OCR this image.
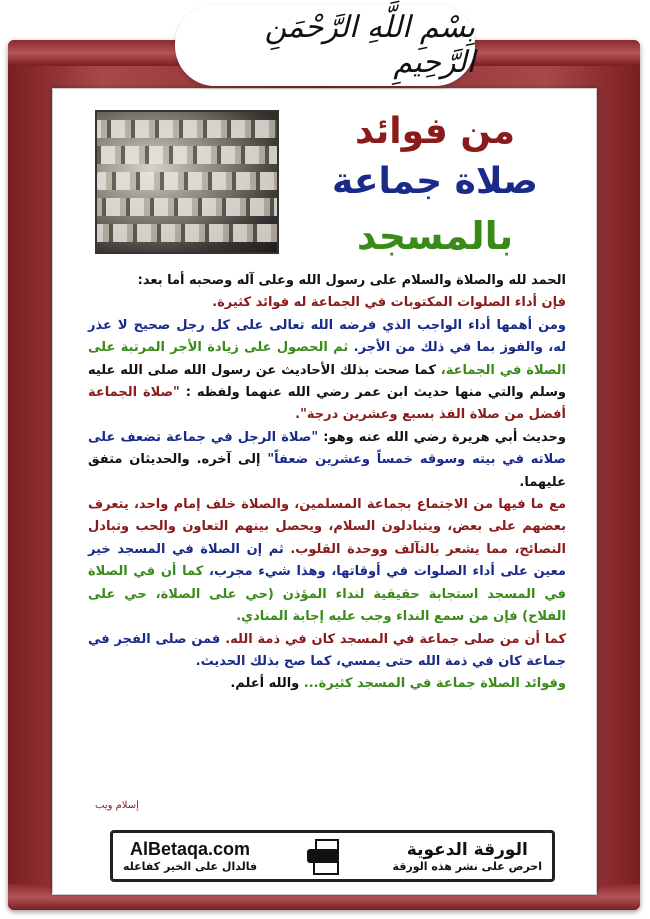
بِسْمِ اللَّهِ الرَّحْمَنِ الرَّحِيمِ
من فوائد
صلاة جماعة
بالمسجد

الحمد لله والصلاة والسلام على رسول الله وعلى آله وصحبه أما بعد:

فإن أداء الصلوات المكتوبات في الجماعة له فوائد كثيرة.

ومن أهمها أداء الواجب الذي فرضه الله تعالى على كل رجل صحيح لا عذر له، والفوز بما في ذلك من الأجر. ثم الحصول على زيادة الأجر المرتبة على الصلاة في الجماعة، كما صحت بذلك الأحاديث عن رسول الله صلى الله عليه وسلم والتي منها حديث ابن عمر رضي الله عنهما ولفظه : "صلاة الجماعة أفضل من صلاة الفذ بسبع وعشرين درجة".

وحديث أبي هريرة رضي الله عنه وهو: "صلاة الرجل في جماعة تضعف على صلاته في بيته وسوقه خمساً وعشرين ضعفاً" إلى آخره. والحديثان متفق عليهما.

مع ما فيها من الاجتماع بجماعة المسلمين، والصلاة خلف إمام واحد، يتعرف بعضهم على بعض، ويتبادلون السلام، ويحصل بينهم التعاون والحب وتبادل النصائح، مما يشعر بالتآلف ووحدة القلوب. ثم إن الصلاة في المسجد خير معين على أداء الصلوات في أوقاتها، وهذا شيء مجرب، كما أن في الصلاة في المسجد استجابة حقيقية لنداء المؤذن (حي على الصلاة، حي على الفلاح) فإن من سمع النداء وجب عليه إجابة المنادي.

كما أن من صلى جماعة في المسجد كان في ذمة الله. فمن صلى الفجر في جماعة كان في ذمة الله حتى يمسي، كما صح بذلك الحديث.

وفوائد الصلاة جماعة في المسجد كثيرة... والله أعلم.

إسلام ويب
AlBetaqa.com
فالدال على الخير كفاعله
الورقة الدعوية
احرص على نشر هذه الورقة
